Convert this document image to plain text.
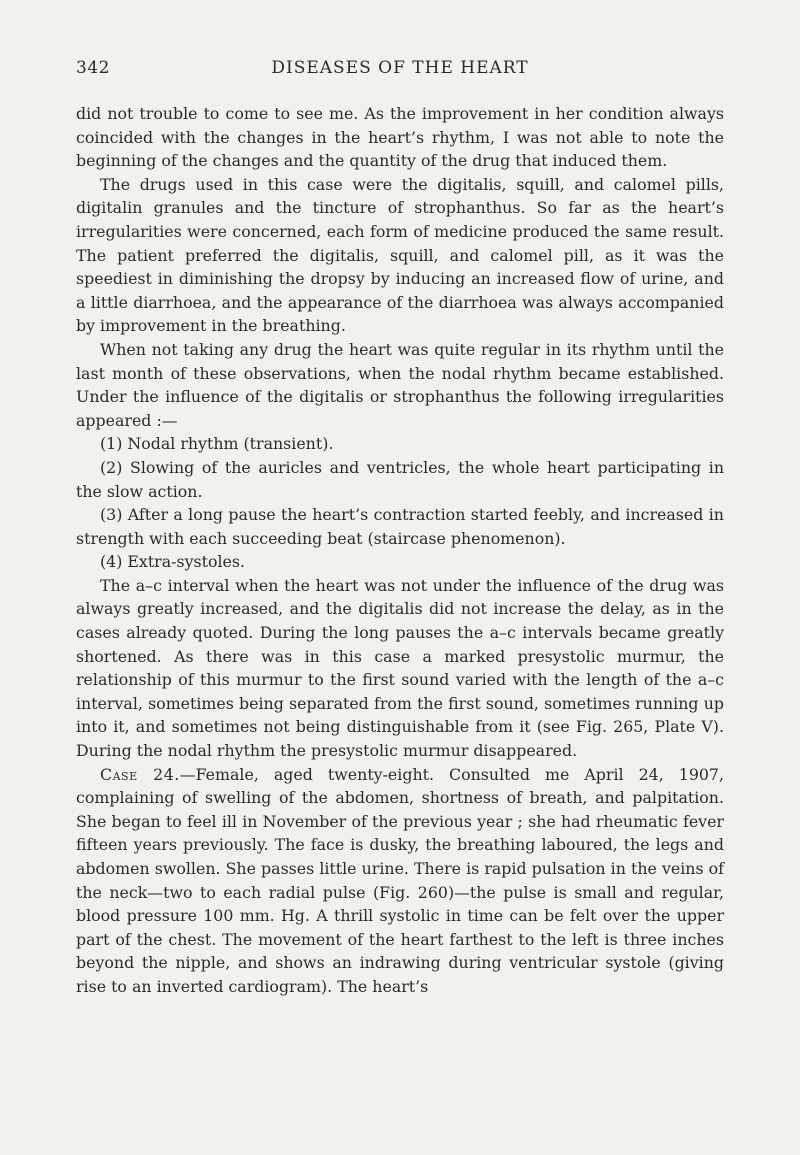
342	DISEASES OF THE HEART

did not trouble to come to see me. As the improvement in her condition always coincided with the changes in the heart’s rhythm, I was not able to note the beginning of the changes and the quantity of the drug that induced them.

The drugs used in this case were the digitalis, squill, and calomel pills, digitalin granules and the tincture of strophanthus. So far as the heart’s irregularities were concerned, each form of medicine produced the same result. The patient preferred the digitalis, squill, and calomel pill, as it was the speediest in diminishing the dropsy by inducing an increased flow of urine, and a little diarrhoea, and the appearance of the diarrhoea was always accompanied by improvement in the breathing.

When not taking any drug the heart was quite regular in its rhythm until the last month of these observations, when the nodal rhythm became established. Under the influence of the digitalis or strophanthus the following irregularities appeared :—

(1) Nodal rhythm (transient).

(2) Slowing of the auricles and ventricles, the whole heart participating in the slow action.

(3) After a long pause the heart’s contraction started feebly, and increased in strength with each succeeding beat (staircase phenomenon).

(4) Extra-systoles.

The a–c interval when the heart was not under the influence of the drug was always greatly increased, and the digitalis did not increase the delay, as in the cases already quoted. During the long pauses the a–c intervals became greatly shortened. As there was in this case a marked presystolic murmur, the relationship of this murmur to the first sound varied with the length of the a–c interval, sometimes being separated from the first sound, sometimes running up into it, and sometimes not being distinguishable from it (see Fig. 265, Plate V). During the nodal rhythm the presystolic murmur disappeared.

Case 24.—Female, aged twenty-eight. Consulted me April 24, 1907, complaining of swelling of the abdomen, shortness of breath, and palpitation. She began to feel ill in November of the previous year ; she had rheumatic fever fifteen years previously. The face is dusky, the breathing laboured, the legs and abdomen swollen. She passes little urine. There is rapid pulsation in the veins of the neck—two to each radial pulse (Fig. 260)—the pulse is small and regular, blood pressure 100 mm. Hg. A thrill systolic in time can be felt over the upper part of the chest. The movement of the heart farthest to the left is three inches beyond the nipple, and shows an indrawing during ventricular systole (giving rise to an inverted cardiogram). The heart’s
